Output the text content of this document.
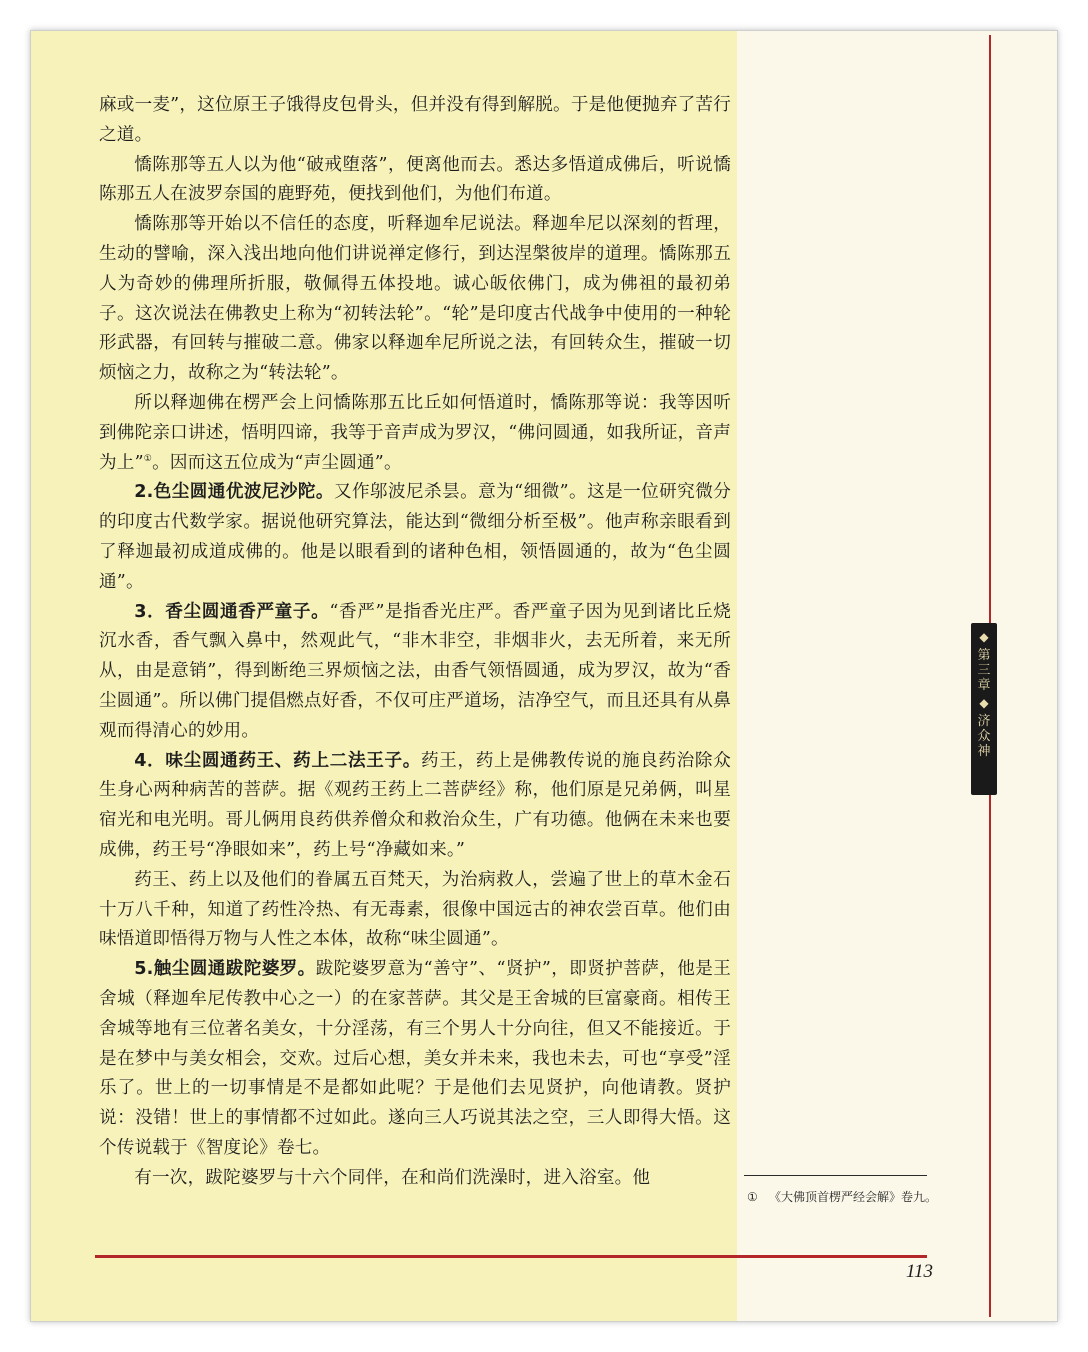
麻或一麦”，这位原王子饿得皮包骨头，但并没有得到解脱。于是他便抛弃了苦行之道。

憍陈那等五人以为他“破戒堕落”，便离他而去。悉达多悟道成佛后，听说憍陈那五人在波罗奈国的鹿野苑，便找到他们，为他们布道。

憍陈那等开始以不信任的态度，听释迦牟尼说法。释迦牟尼以深刻的哲理，生动的譬喻，深入浅出地向他们讲说禅定修行，到达涅槃彼岸的道理。憍陈那五人为奇妙的佛理所折服，敬佩得五体投地。诚心皈依佛门，成为佛祖的最初弟子。这次说法在佛教史上称为“初转法轮”。“轮”是印度古代战争中使用的一种轮形武器，有回转与摧破二意。佛家以释迦牟尼所说之法，有回转众生，摧破一切烦恼之力，故称之为“转法轮”。

所以释迦佛在楞严会上问憍陈那五比丘如何悟道时，憍陈那等说：我等因听到佛陀亲口讲述，悟明四谛，我等于音声成为罗汉，“佛问圆通，如我所证，音声为上”①。因而这五位成为“声尘圆通”。

2.色尘圆通优波尼沙陀。又作邬波尼杀昙。意为“细微”。这是一位研究微分的印度古代数学家。据说他研究算法，能达到“微细分析至极”。他声称亲眼看到了释迦最初成道成佛的。他是以眼看到的诸种色相，领悟圆通的，故为“色尘圆通”。

3．香尘圆通香严童子。“香严”是指香光庄严。香严童子因为见到诸比丘烧沉水香，香气飘入鼻中，然观此气，“非木非空，非烟非火，去无所着，来无所从，由是意销”，得到断绝三界烦恼之法，由香气领悟圆通，成为罗汉，故为“香尘圆通”。所以佛门提倡燃点好香，不仅可庄严道场，洁净空气，而且还具有从鼻观而得清心的妙用。

4．味尘圆通药王、药上二法王子。药王，药上是佛教传说的施良药治除众生身心两种病苦的菩萨。据《观药王药上二菩萨经》称，他们原是兄弟俩，叫星宿光和电光明。哥儿俩用良药供养僧众和救治众生，广有功德。他俩在未来也要成佛，药王号“净眼如来”，药上号“净藏如来。”

药王、药上以及他们的眷属五百梵天，为治病救人，尝遍了世上的草木金石十万八千种，知道了药性冷热、有无毒素，很像中国远古的神农尝百草。他们由味悟道即悟得万物与人性之本体，故称“味尘圆通”。

5.触尘圆通跋陀婆罗。跋陀婆罗意为“善守”、“贤护”，即贤护菩萨，他是王舍城（释迦牟尼传教中心之一）的在家菩萨。其父是王舍城的巨富豪商。相传王舍城等地有三位著名美女，十分淫荡，有三个男人十分向往，但又不能接近。于是在梦中与美女相会，交欢。过后心想，美女并未来，我也未去，可也“享受”淫乐了。世上的一切事情是不是都如此呢？于是他们去见贤护，向他请教。贤护说：没错！世上的事情都不过如此。遂向三人巧说其法之空，三人即得大悟。这个传说载于《智度论》卷七。

有一次，跋陀婆罗与十六个同伴，在和尚们洗澡时，进入浴室。他

◆
第
三
章
◆
济
众
神
① 《大佛顶首楞严经会解》卷九。
113
